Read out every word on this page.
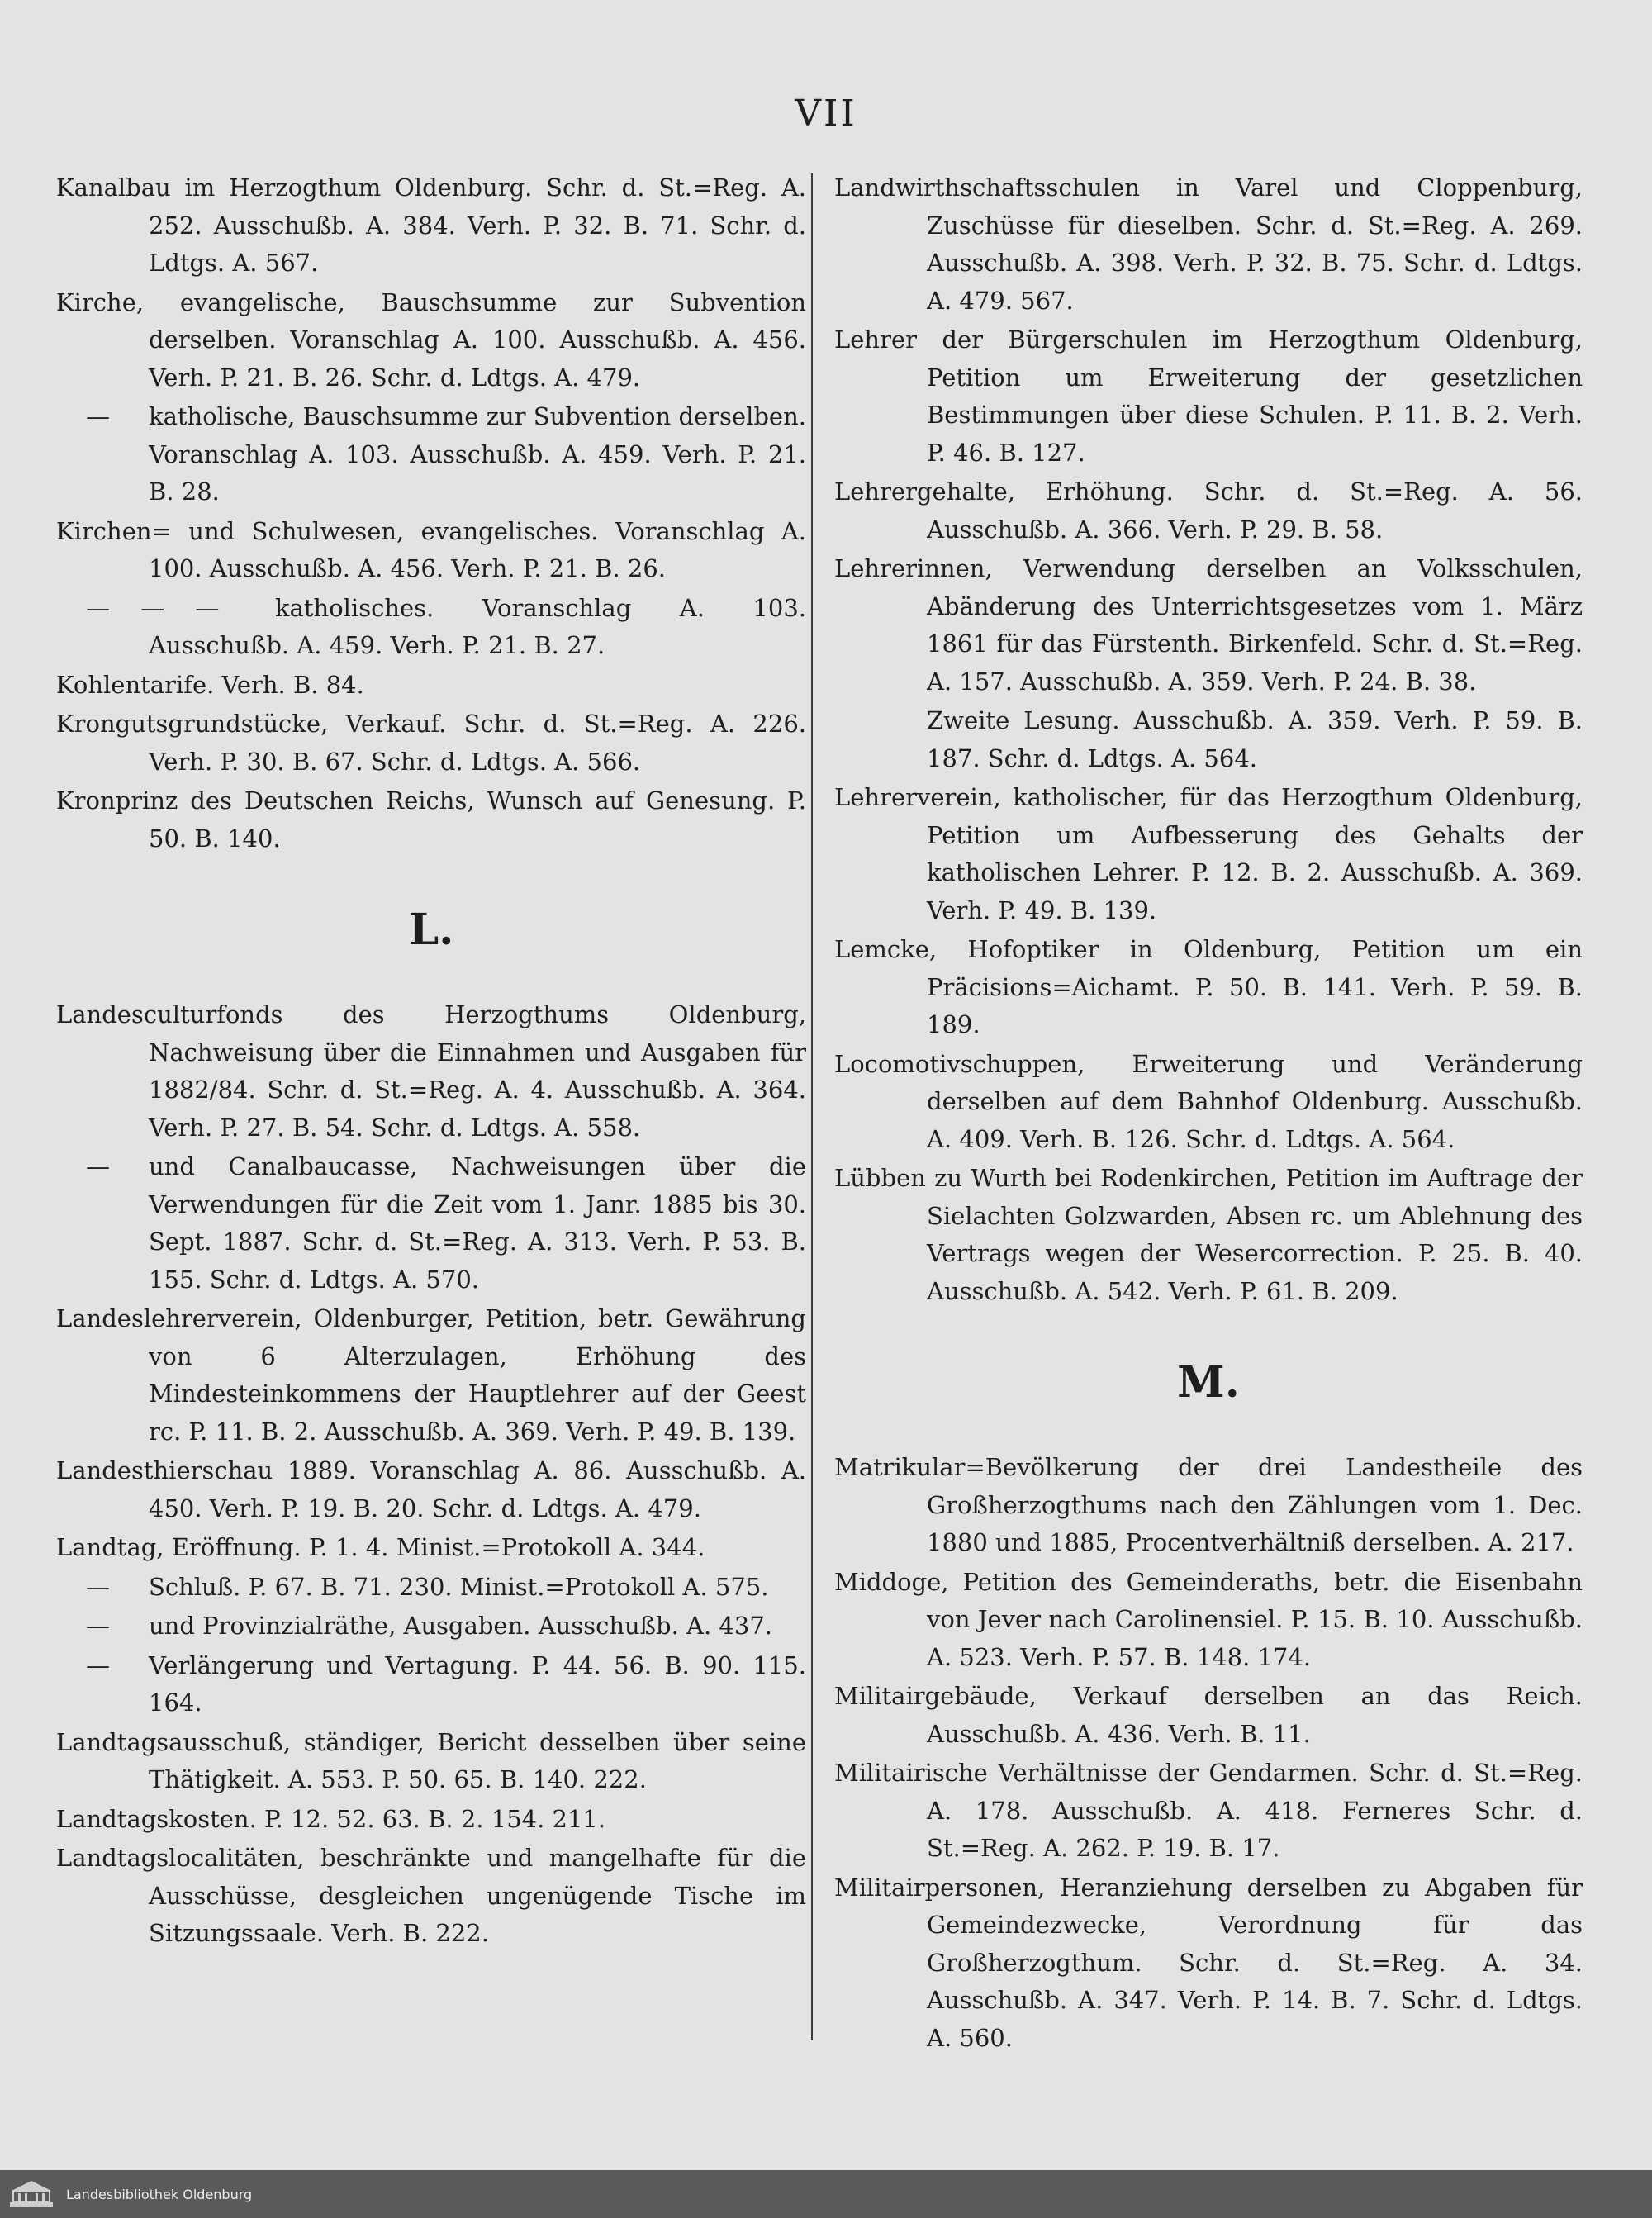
VII
Kanalbau im Herzogthum Oldenburg. Schr. d. St.=Reg. A. 252. Ausschußb. A. 384. Verh. P. 32. B. 71. Schr. d. Ldtgs. A. 567.
Kirche, evangelische, Bauschsumme zur Subvention derselben. Voranschlag A. 100. Ausschußb. A. 456. Verh. P. 21. B. 26. Schr. d. Ldtgs. A. 479.
— katholische, Bauschsumme zur Subvention derselben. Voranschlag A. 103. Ausschußb. A. 459. Verh. P. 21. B. 28.
Kirchen= und Schulwesen, evangelisches. Voranschlag A. 100. Ausschußb. A. 456. Verh. P. 21. B. 26.
— — — katholisches. Voranschlag A. 103. Ausschußb. A. 459. Verh. P. 21. B. 27.
Kohlentarife. Verh. B. 84.
Krongutsgrundstücke, Verkauf. Schr. d. St.=Reg. A. 226. Verh. P. 30. B. 67. Schr. d. Ldtgs. A. 566.
Kronprinz des Deutschen Reichs, Wunsch auf Genesung. P. 50. B. 140.
L.
Landesculturfonds des Herzogthums Oldenburg, Nachweisung über die Einnahmen und Ausgaben für 1882/84. Schr. d. St.=Reg. A. 4. Ausschußb. A. 364. Verh. P. 27. B. 54. Schr. d. Ldtgs. A. 558.
— und Canalbaucasse, Nachweisungen über die Verwendungen für die Zeit vom 1. Janr. 1885 bis 30. Sept. 1887. Schr. d. St.=Reg. A. 313. Verh. P. 53. B. 155. Schr. d. Ldtgs. A. 570.
Landeslehrerverein, Oldenburger, Petition, betr. Gewährung von 6 Alterzulagen, Erhöhung des Mindesteinkommens der Hauptlehrer auf der Geest rc. P. 11. B. 2. Ausschußb. A. 369. Verh. P. 49. B. 139.
Landesthierschau 1889. Voranschlag A. 86. Ausschußb. A. 450. Verh. P. 19. B. 20. Schr. d. Ldtgs. A. 479.
Landtag, Eröffnung. P. 1. 4. Minist.=Protokoll A. 344.
— Schluß. P. 67. B. 71. 230. Minist.=Protokoll A. 575.
— und Provinzialräthe, Ausgaben. Ausschußb. A. 437.
— Verlängerung und Vertagung. P. 44. 56. B. 90. 115. 164.
Landtagsausschuß, ständiger, Bericht desselben über seine Thätigkeit. A. 553. P. 50. 65. B. 140. 222.
Landtagskosten. P. 12. 52. 63. B. 2. 154. 211.
Landtagslocalitäten, beschränkte und mangelhafte für die Ausschüsse, desgleichen ungenügende Tische im Sitzungssaale. Verh. B. 222.
Landwirthschaftsschulen in Varel und Cloppenburg, Zuschüsse für dieselben. Schr. d. St.=Reg. A. 269. Ausschußb. A. 398. Verh. P. 32. B. 75. Schr. d. Ldtgs. A. 479. 567.
Lehrer der Bürgerschulen im Herzogthum Oldenburg, Petition um Erweiterung der gesetzlichen Bestimmungen über diese Schulen. P. 11. B. 2. Verh. P. 46. B. 127.
Lehrergehalte, Erhöhung. Schr. d. St.=Reg. A. 56. Ausschußb. A. 366. Verh. P. 29. B. 58.
Lehrerinnen, Verwendung derselben an Volksschulen, Abänderung des Unterrichtsgesetzes vom 1. März 1861 für das Fürstenth. Birkenfeld. Schr. d. St.=Reg. A. 157. Ausschußb. A. 359. Verh. P. 24. B. 38.
Zweite Lesung. Ausschußb. A. 359. Verh. P. 59. B. 187. Schr. d. Ldtgs. A. 564.
Lehrerverein, katholischer, für das Herzogthum Oldenburg, Petition um Aufbesserung des Gehalts der katholischen Lehrer. P. 12. B. 2. Ausschußb. A. 369. Verh. P. 49. B. 139.
Lemcke, Hofoptiker in Oldenburg, Petition um ein Präcisions=Aichamt. P. 50. B. 141. Verh. P. 59. B. 189.
Locomotivschuppen, Erweiterung und Veränderung derselben auf dem Bahnhof Oldenburg. Ausschußb. A. 409. Verh. B. 126. Schr. d. Ldtgs. A. 564.
Lübben zu Wurth bei Rodenkirchen, Petition im Auftrage der Sielachten Golzwarden, Absen rc. um Ablehnung des Vertrags wegen der Wesercorrection. P. 25. B. 40. Ausschußb. A. 542. Verh. P. 61. B. 209.
M.
Matrikular=Bevölkerung der drei Landestheile des Großherzogthums nach den Zählungen vom 1. Dec. 1880 und 1885, Procentverhältniß derselben. A. 217.
Middoge, Petition des Gemeinderaths, betr. die Eisenbahn von Jever nach Carolinensiel. P. 15. B. 10. Ausschußb. A. 523. Verh. P. 57. B. 148. 174.
Militairgebäude, Verkauf derselben an das Reich. Ausschußb. A. 436. Verh. B. 11.
Militairische Verhältnisse der Gendarmen. Schr. d. St.=Reg. A. 178. Ausschußb. A. 418. Ferneres Schr. d. St.=Reg. A. 262. P. 19. B. 17.
Militairpersonen, Heranziehung derselben zu Abgaben für Gemeindezwecke, Verordnung für das Großherzogthum. Schr. d. St.=Reg. A. 34. Ausschußb. A. 347. Verh. P. 14. B. 7. Schr. d. Ldtgs. A. 560.
Landesbibliothek Oldenburg
